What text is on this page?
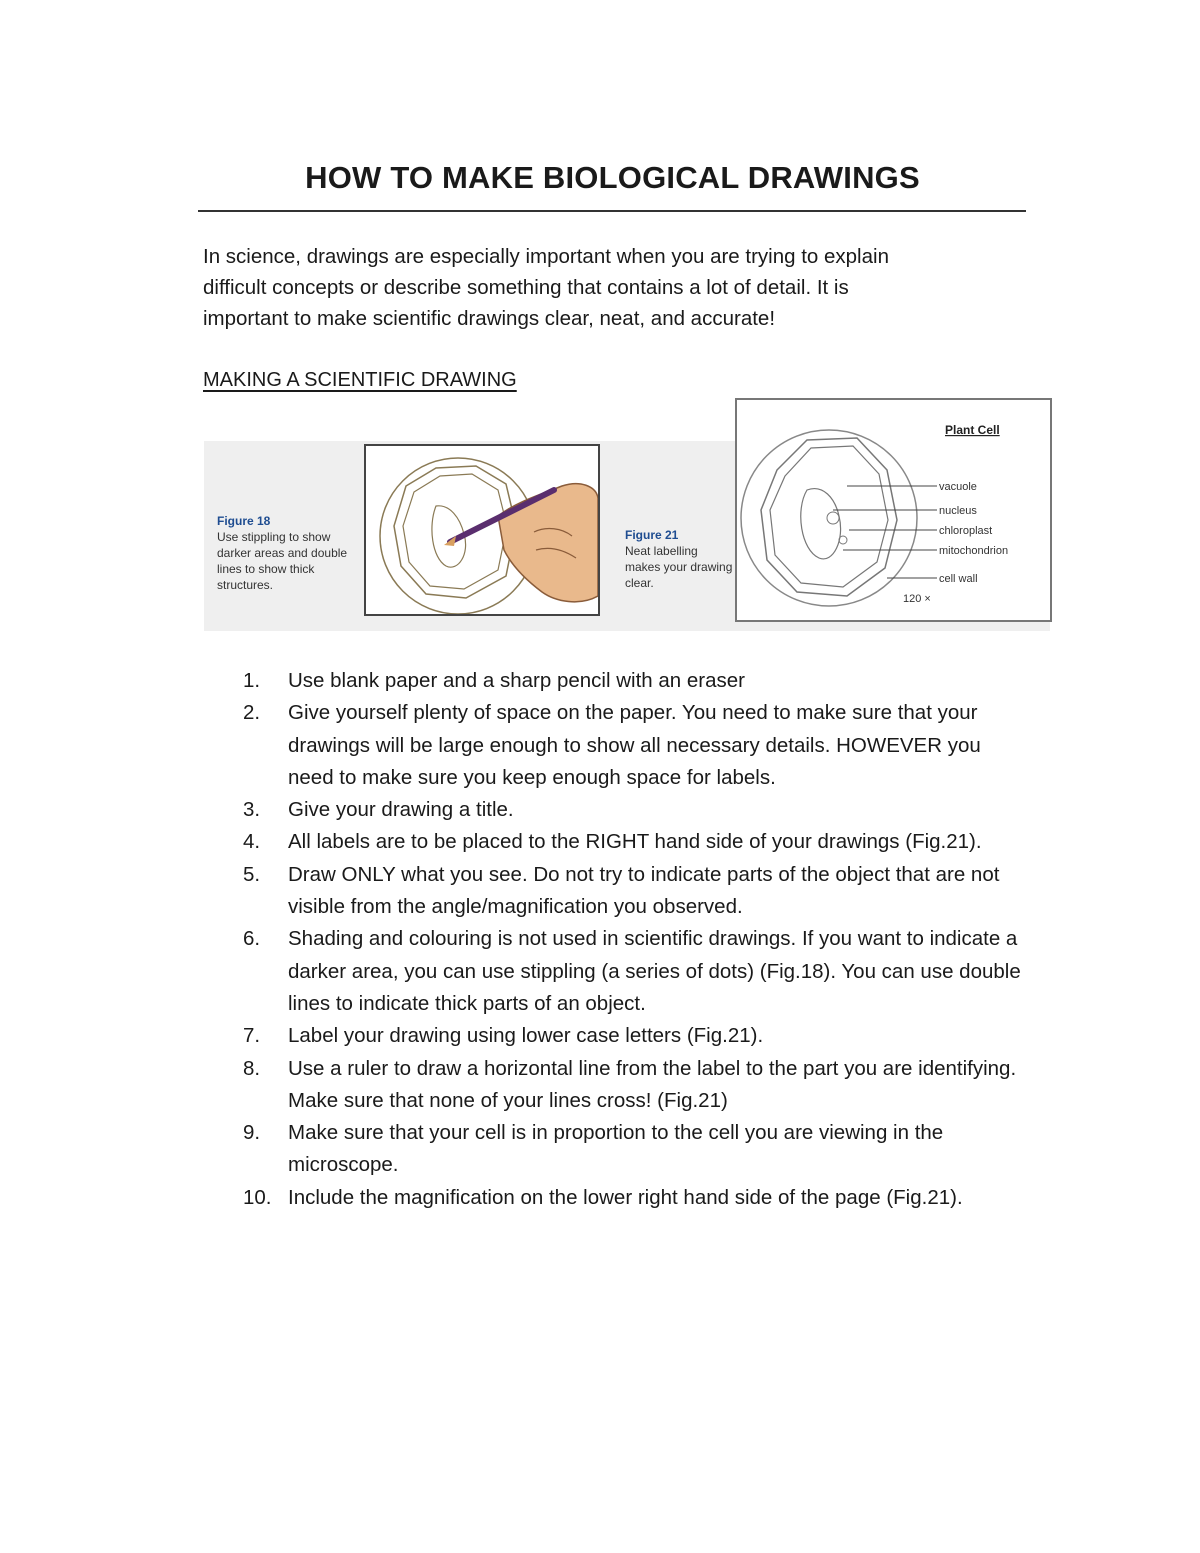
HOW TO MAKE BIOLOGICAL DRAWINGS

In science, drawings are especially important when you are trying to explain

difficult concepts or describe something that contains a lot of detail. It is

important to make scientific drawings clear, neat, and accurate!

MAKING A SCIENTIFIC DRAWING
Figure 18
Use stippling to show darker areas and double lines to show thick structures.
Figure 21
Neat labelling makes your drawing clear.
Plant Cell
vacuole
nucleus
chloroplast
mitochondrion
cell wall
120 ×
1. Use blank paper and a sharp pencil with an eraser
2. Give yourself plenty of space on the paper. You need to make sure that your drawings will be large enough to show all necessary details. HOWEVER you need to make sure you keep enough space for labels.
3. Give your drawing a title.
4. All labels are to be placed to the RIGHT hand side of your drawings (Fig.21).
5. Draw ONLY what you see. Do not try to indicate parts of the object that are not visible from the angle/magnification you observed.
6. Shading and colouring is not used in scientific drawings. If you want to indicate a darker area, you can use stippling (a series of dots) (Fig.18). You can use double lines to indicate thick parts of an object.
7. Label your drawing using lower case letters (Fig.21).
8. Use a ruler to draw a horizontal line from the label to the part you are identifying. Make sure that none of your lines cross! (Fig.21)
9. Make sure that your cell is in proportion to the cell you are viewing in the microscope.
10. Include the magnification on the lower right hand side of the page (Fig.21).
